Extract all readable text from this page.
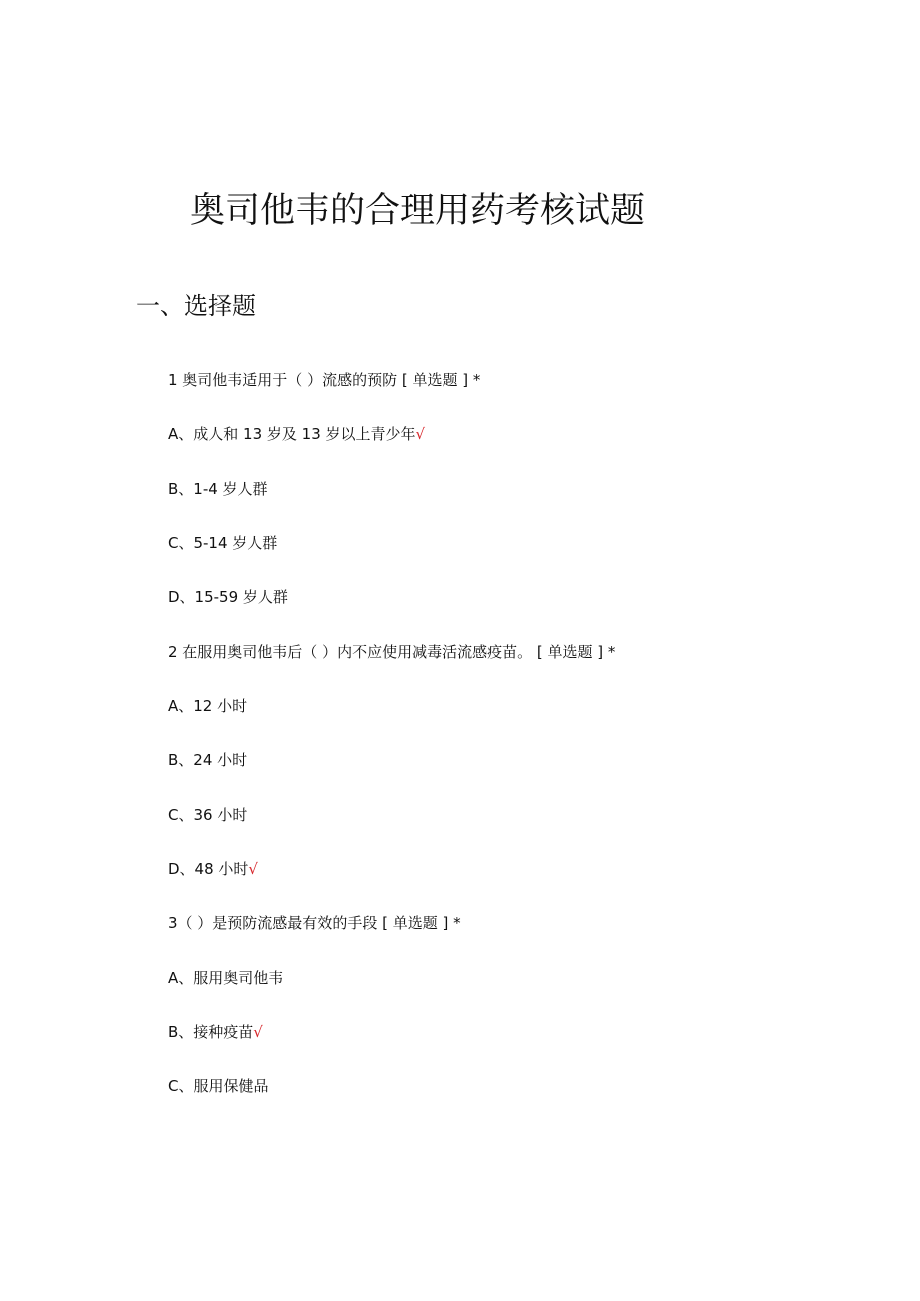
奥司他韦的合理用药考核试题
一、选择题
1 奥司他韦适用于（ ）流感的预防 [ 单选题 ] *
A、成人和 13 岁及 13 岁以上青少年√
B、1-4 岁人群
C、5-14 岁人群
D、15-59 岁人群
2 在服用奥司他韦后（ ）内不应使用减毒活流感疫苗。 [ 单选题 ] *
A、12 小时
B、24 小时
C、36 小时
D、48 小时√
3（ ）是预防流感最有效的手段 [ 单选题 ] *
A、服用奥司他韦
B、接种疫苗√
C、服用保健品
